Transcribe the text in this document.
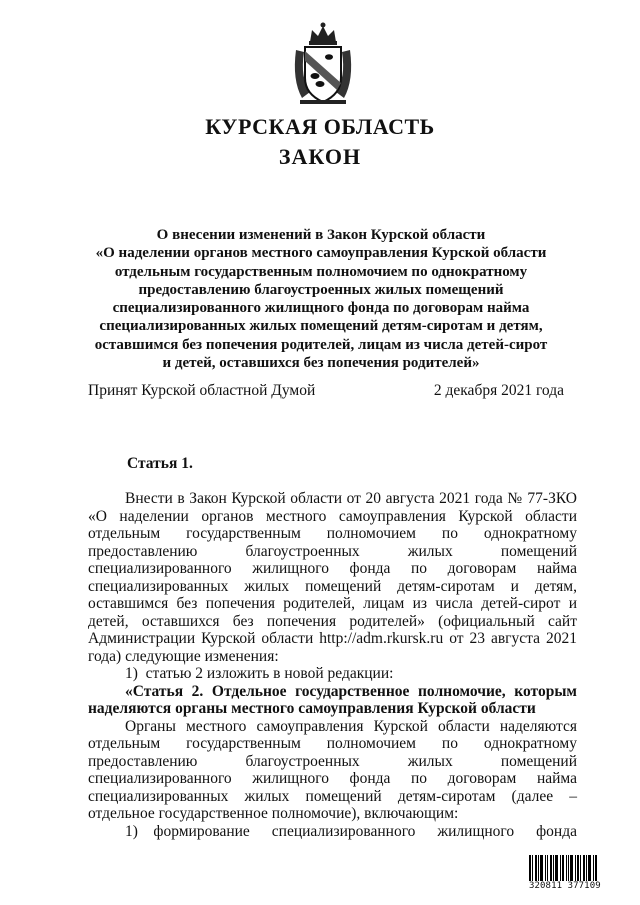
КУРСКАЯ ОБЛАСТЬ
ЗАКОН
О внесении изменений в Закон Курской области
«О наделении органов местного самоуправления Курской области
отдельным государственным полномочием по однократному
предоставлению благоустроенных жилых помещений
специализированного жилищного фонда по договорам найма
специализированных жилых помещений детям-сиротам и детям,
оставшимся без попечения родителей, лицам из числа детей-сирот
и детей, оставшихся без попечения родителей»
Принят Курской областной Думой	2 декабря 2021 года
Статья 1.

Внести в Закон Курской области от 20 августа 2021 года № 77-ЗКО «О наделении органов местного самоуправления Курской области отдельным государственным полномочием по однократному предоставлению благоустроенных жилых помещений специализированного жилищного фонда по договорам найма специализированных жилых помещений детям-сиротам и детям, оставшимся без попечения родителей, лицам из числа детей-сирот и детей, оставшихся без попечения родителей» (официальный сайт Администрации Курской области http://adm.rkursk.ru от 23 августа 2021 года) следующие изменения:

1) статью 2 изложить в новой редакции:

«Статья 2. Отдельное государственное полномочие, которым наделяются органы местного самоуправления Курской области

Органы местного самоуправления Курской области наделяются отдельным государственным полномочием по однократному предоставлению благоустроенных жилых помещений специализированного жилищного фонда по договорам найма специализированных жилых помещений детям-сиротам (далее – отдельное государственное полномочие), включающим:

1) формирование специализированного жилищного фонда

320811 377109
